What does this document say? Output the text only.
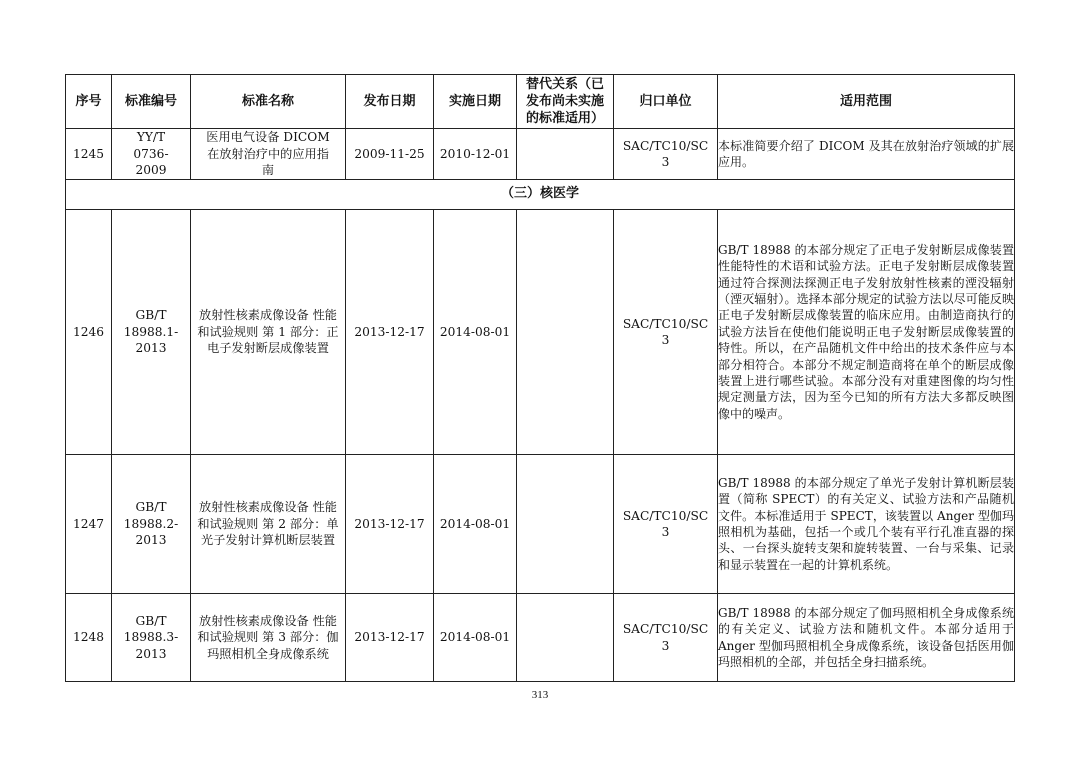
序号	标准编号	标准名称	发布日期	实施日期	替代关系（已发布尚未实施的标准适用）	归口单位	适用范围
1245	YY/T 0736-2009	医用电气设备 DICOM 在放射治疗中的应用指南	2009-11-25	2010-12-01		SAC/TC10/SC3	本标准简要介绍了 DICOM 及其在放射治疗领域的扩展应用。
（三）核医学							
1246	GB/T 18988.1-2013	放射性核素成像设备 性能和试验规则 第 1 部分：正电子发射断层成像装置	2013-12-17	2014-08-01		SAC/TC10/SC3	GB/T 18988 的本部分规定了正电子发射断层成像装置性能特性的术语和试验方法。正电子发射断层成像装置通过符合探测法探测正电子发射放射性核素的湮没辐射（湮灭辐射）。选择本部分规定的试验方法以尽可能反映正电子发射断层成像装置的临床应用。由制造商执行的试验方法旨在使他们能说明正电子发射断层成像装置的特性。所以，在产品随机文件中给出的技术条件应与本部分相符合。本部分不规定制造商将在单个的断层成像装置上进行哪些试验。本部分没有对重建图像的均匀性规定测量方法，因为至今已知的所有方法大多都反映图像中的噪声。
1247	GB/T 18988.2-2013	放射性核素成像设备 性能和试验规则 第 2 部分：单光子发射计算机断层装置	2013-12-17	2014-08-01		SAC/TC10/SC3	GB/T 18988 的本部分规定了单光子发射计算机断层装置（简称 SPECT）的有关定义、试验方法和产品随机文件。本标准适用于 SPECT，该装置以 Anger 型伽玛照相机为基础，包括一个或几个装有平行孔准直器的探头、一台探头旋转支架和旋转装置、一台与采集、记录和显示装置在一起的计算机系统。
1248	GB/T 18988.3-2013	放射性核素成像设备 性能和试验规则 第 3 部分：伽玛照相机全身成像系统	2013-12-17	2014-08-01		SAC/TC10/SC3	GB/T 18988 的本部分规定了伽玛照相机全身成像系统的有关定义、试验方法和随机文件。本部分适用于 Anger 型伽玛照相机全身成像系统，该设备包括医用伽玛照相机的全部，并包括全身扫描系统。
313
